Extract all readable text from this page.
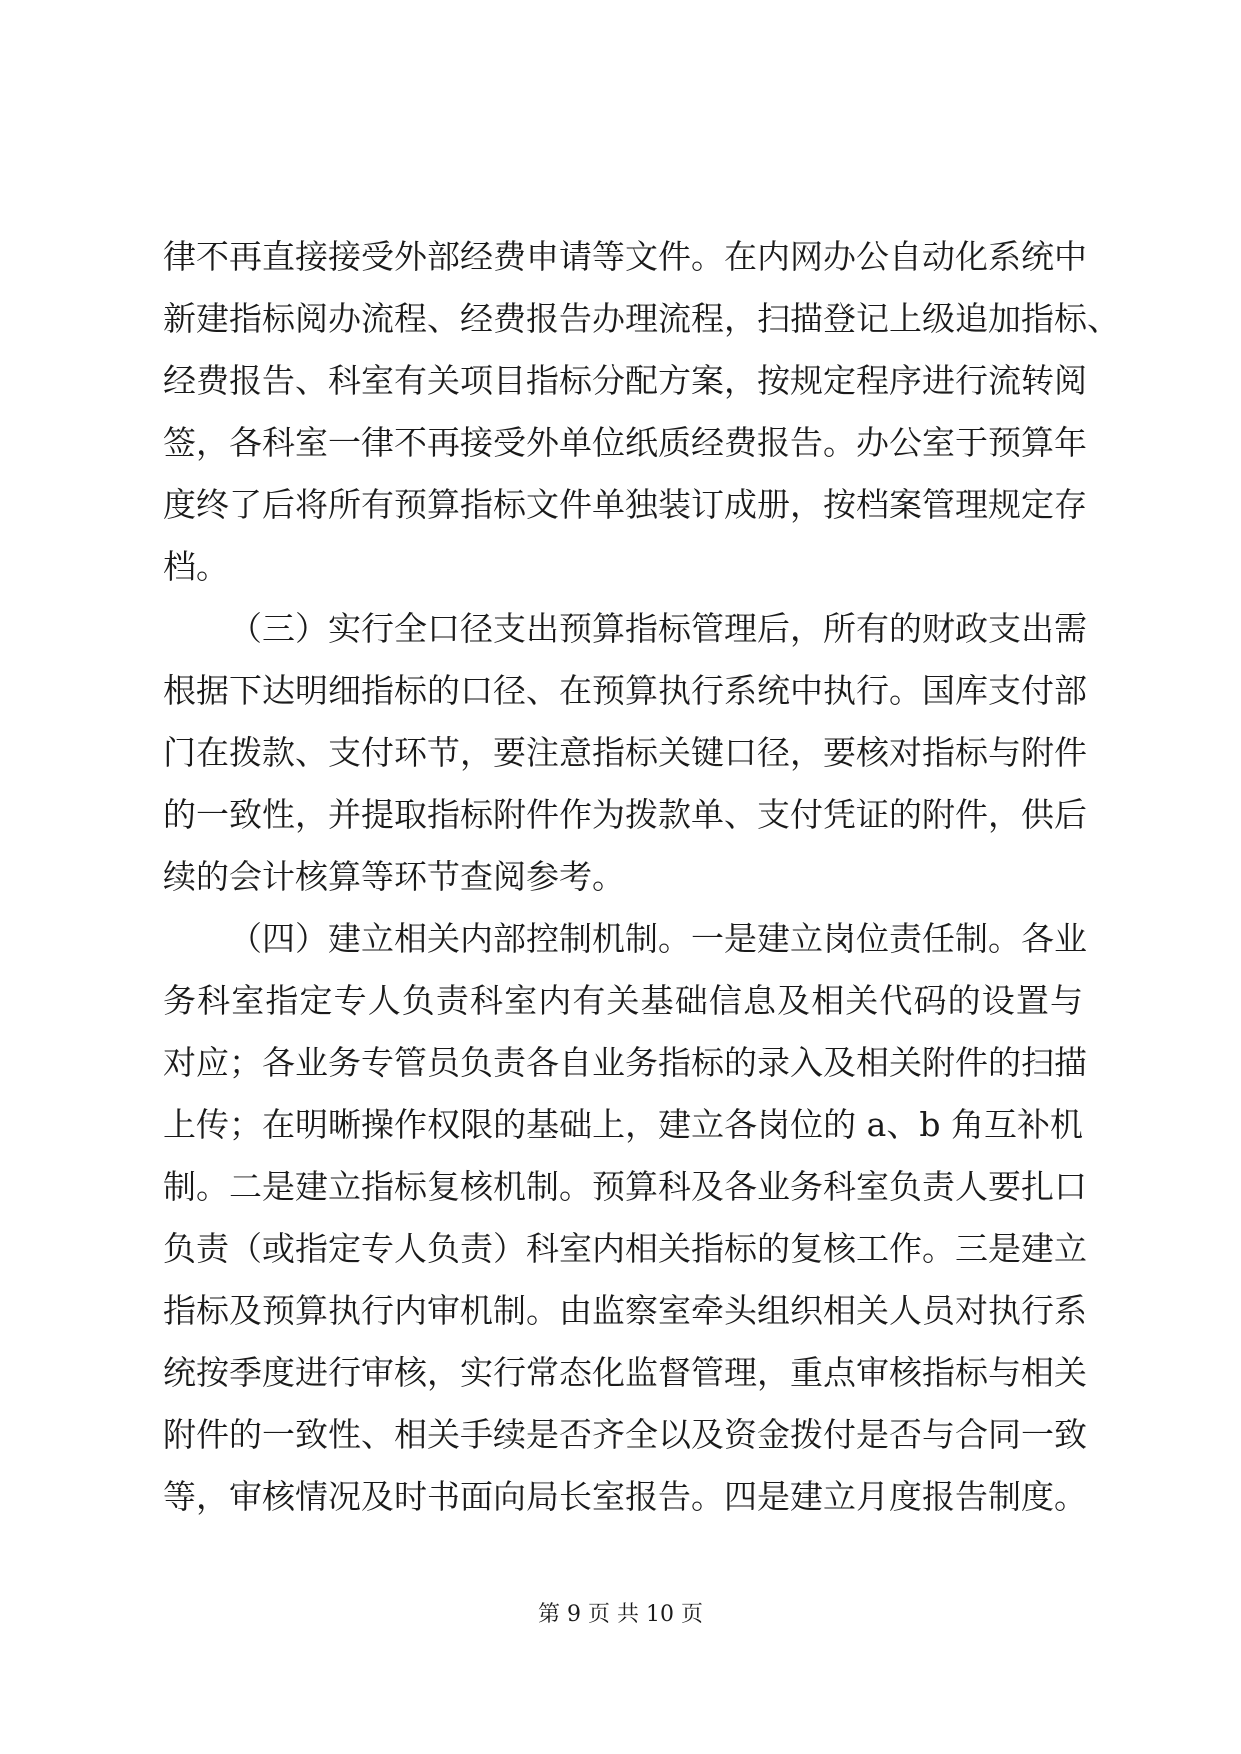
律不再直接接受外部经费申请等文件。在内网办公自动化系统中
新建指标阅办流程、经费报告办理流程，扫描登记上级追加指标、
经费报告、科室有关项目指标分配方案，按规定程序进行流转阅
签，各科室一律不再接受外单位纸质经费报告。办公室于预算年
度终了后将所有预算指标文件单独装订成册，按档案管理规定存
档。
（三）实行全口径支出预算指标管理后，所有的财政支出需
根据下达明细指标的口径、在预算执行系统中执行。国库支付部
门在拨款、支付环节，要注意指标关键口径，要核对指标与附件
的一致性，并提取指标附件作为拨款单、支付凭证的附件，供后
续的会计核算等环节查阅参考。
（四）建立相关内部控制机制。一是建立岗位责任制。各业
务科室指定专人负责科室内有关基础信息及相关代码的设置与
对应；各业务专管员负责各自业务指标的录入及相关附件的扫描
上传；在明晰操作权限的基础上，建立各岗位的 a、b 角互补机
制。二是建立指标复核机制。预算科及各业务科室负责人要扎口
负责（或指定专人负责）科室内相关指标的复核工作。三是建立
指标及预算执行内审机制。由监察室牵头组织相关人员对执行系
统按季度进行审核，实行常态化监督管理，重点审核指标与相关
附件的一致性、相关手续是否齐全以及资金拨付是否与合同一致
等，审核情况及时书面向局长室报告。四是建立月度报告制度。
第 9 页 共 10 页
